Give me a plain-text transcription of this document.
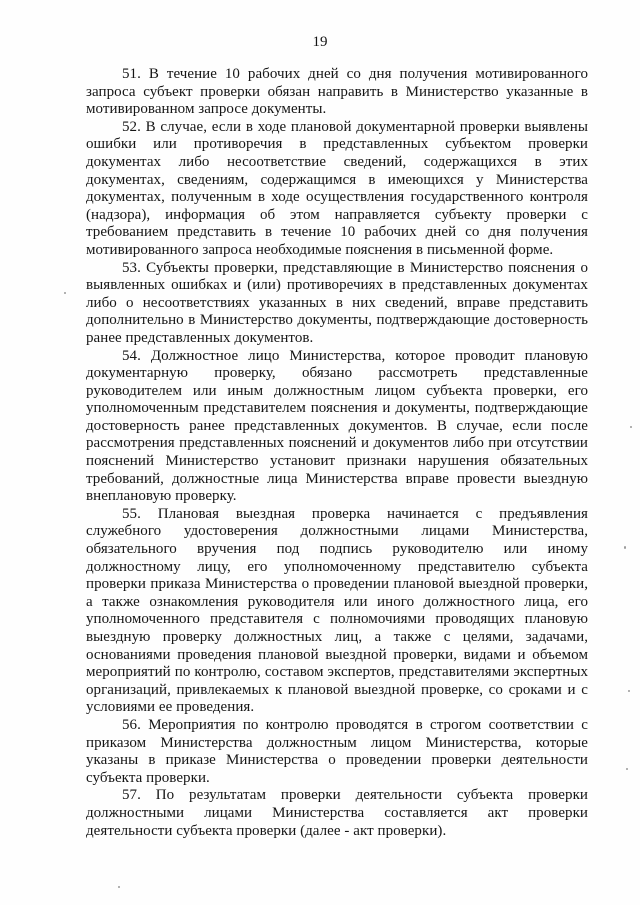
19

51. В течение 10 рабочих дней со дня получения мотивированного запроса субъект проверки обязан направить в Министерство указанные в мотивированном запросе документы.

52. В случае, если в ходе плановой документарной проверки выявлены ошибки или противоречия в представленных субъектом проверки документах либо несоответствие сведений, содержащихся в этих документах, сведениям, содержащимся в имеющихся у Министерства документах, полученным в ходе осуществления государственного контроля (надзора), информация об этом направляется субъекту проверки с требованием представить в течение 10 рабочих дней со дня получения мотивированного запроса необходимые пояснения в письменной форме.

53. Субъекты проверки, представляющие в Министерство пояснения о выявленных ошибках и (или) противоречиях в представленных документах либо о несоответствиях указанных в них сведений, вправе представить дополнительно в Министерство документы, подтверждающие достоверность ранее представленных документов.

54. Должностное лицо Министерства, которое проводит плановую документарную проверку, обязано рассмотреть представленные руководителем или иным должностным лицом субъекта проверки, его уполномоченным представителем пояснения и документы, подтверждающие достоверность ранее представленных документов. В случае, если после рассмотрения представленных пояснений и документов либо при отсутствии пояснений Министерство установит признаки нарушения обязательных требований, должностные лица Министерства вправе провести выездную внеплановую проверку.

55. Плановая выездная проверка начинается с предъявления служебного удостоверения должностными лицами Министерства, обязательного вручения под подпись руководителю или иному должностному лицу, его уполномоченному представителю субъекта проверки приказа Министерства о проведении плановой выездной проверки, а также ознакомления руководителя или иного должностного лица, его уполномоченного представителя с полномочиями проводящих плановую выездную проверку должностных лиц, а также с целями, задачами, основаниями проведения плановой выездной проверки, видами и объемом мероприятий по контролю, составом экспертов, представителями экспертных организаций, привлекаемых к плановой выездной проверке, со сроками и с условиями ее проведения.

56. Мероприятия по контролю проводятся в строгом соответствии с приказом Министерства должностным лицом Министерства, которые указаны в приказе Министерства о проведении проверки деятельности субъекта проверки.

57. По результатам проверки деятельности субъекта проверки должностными лицами Министерства составляется акт проверки деятельности субъекта проверки (далее - акт проверки).
